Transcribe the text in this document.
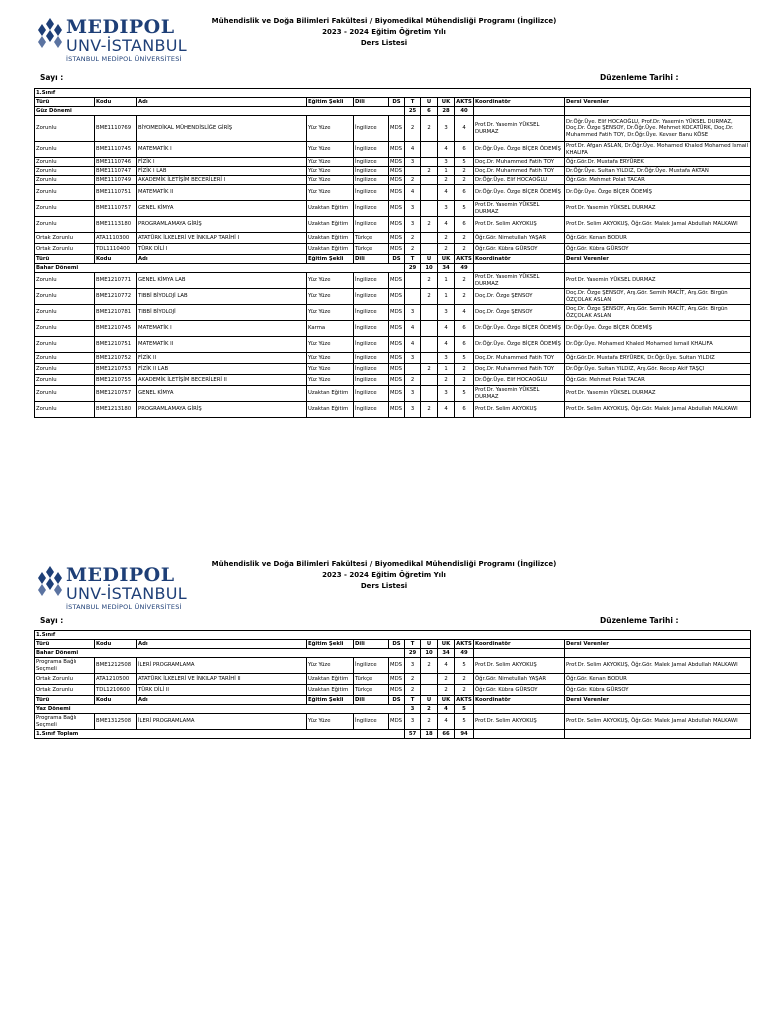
MEDIPOL
UNV-İSTANBUL
İSTANBUL MEDİPOL ÜNİVERSİTESİ
Mühendislik ve Doğa Bilimleri Fakültesi / Biyomedikal Mühendisliği Programı (İngilizce)
2023 - 2024 Eğitim Öğretim Yılı
Ders Listesi
Sayı :	Düzenleme Tarihi :
1.Sınıf											
Türü	Kodu	Adı	Eğitim Şekli	Dili	DS	T	U	UK	AKTS	Koordinatör	Dersi Verenler
Güz Dönemi						25	6	28	40		
Zorunlu	BME1110769	BİYOMEDİKAL MÜHENDİSLİĞE GİRİŞ	Yüz Yüze	İngilizce	MDS	2	2	3	4	Prof.Dr. Yasemin YÜKSEL DURMAZ	Dr.Öğr.Üye. Elif HOCAOĞLU, Prof.Dr. Yasemin YÜKSEL DURMAZ, Doç.Dr. Özge ŞENSOY, Dr.Öğr.Üye. Mehmet KOCATÜRK, Doç.Dr. Muhammed Fatih TOY, Dr.Öğr.Üye. Kevser Banu KÖSE
Zorunlu	BME1110745	MATEMATİK I	Yüz Yüze	İngilizce	MDS	4		4	6	Dr.Öğr.Üye. Özge BİÇER ÖDEMİŞ	Prof.Dr. Afgan ASLAN, Dr.Öğr.Üye. Mohamed Khaled Mohamed Ismail KHALIFA
Zorunlu	BME1110746	FİZİK I	Yüz Yüze	İngilizce	MDS	3		3	5	Doç.Dr. Muhammed Fatih TOY	Öğr.Gör.Dr. Mustafa ERYÜREK
Zorunlu	BME1110747	FİZİK I LAB	Yüz Yüze	İngilizce	MDS		2	1	2	Doç.Dr. Muhammed Fatih TOY	Dr.Öğr.Üye. Sultan YILDIZ, Dr.Öğr.Üye. Mustafa AKTAN
Zorunlu	BME1110749	AKADEMİK İLETİŞİM BECERİLERİ I	Yüz Yüze	İngilizce	MDS	2		2	2	Dr.Öğr.Üye. Elif HOCAOĞLU	Öğr.Gör. Mehmet Polat TACAR
Zorunlu	BME1110751	MATEMATİK II	Yüz Yüze	İngilizce	MDS	4		4	6	Dr.Öğr.Üye. Özge BİÇER ÖDEMİŞ	Dr.Öğr.Üye. Özge BİÇER ÖDEMİŞ
Zorunlu	BME1110757	GENEL KİMYA	Uzaktan Eğitim	İngilizce	MDS	3		3	5	Prof.Dr. Yasemin YÜKSEL DURMAZ	Prof.Dr. Yasemin YÜKSEL DURMAZ
Zorunlu	BME1113180	PROGRAMLAMAYA GİRİŞ	Uzaktan Eğitim	İngilizce	MDS	3	2	4	6	Prof.Dr. Selim AKYOKUŞ	Prof.Dr. Selim AKYOKUŞ, Öğr.Gör. Malek Jamal Abdullah MALKAWI
Ortak Zorunlu	ATA1110300	ATATÜRK İLKELERİ VE İNKILAP TARİHİ I	Uzaktan Eğitim	Türkçe	MDS	2		2	2	Öğr.Gör. Nimetullah YAŞAR	Öğr.Gör. Kenan BODUR
Ortak Zorunlu	TDL1110400	TÜRK DİLİ I	Uzaktan Eğitim	Türkçe	MDS	2		2	2	Öğr.Gör. Kübra GÜRSOY	Öğr.Gör. Kübra GÜRSOY
Türü	Kodu	Adı	Eğitim Şekli	Dili	DS	T	U	UK	AKTS	Koordinatör	Dersi Verenler
Bahar Dönemi						29	10	34	49		
Zorunlu	BME1210771	GENEL KİMYA LAB	Yüz Yüze	İngilizce	MDS		2	1	2	Prof.Dr. Yasemin YÜKSEL DURMAZ	Prof.Dr. Yasemin YÜKSEL DURMAZ
Zorunlu	BME1210772	TIBBİ BİYOLOJİ LAB	Yüz Yüze	İngilizce	MDS		2	1	2	Doç.Dr. Özge ŞENSOY	Doç.Dr. Özge ŞENSOY, Arş.Gör. Semih MACİT, Arş.Gör. Birgün ÖZÇOLAK ASLAN
Zorunlu	BME1210781	TIBBİ BİYOLOJİ	Yüz Yüze	İngilizce	MDS	3		3	4	Doç.Dr. Özge ŞENSOY	Doç.Dr. Özge ŞENSOY, Arş.Gör. Semih MACİT, Arş.Gör. Birgün ÖZÇOLAK ASLAN
Zorunlu	BME1210745	MATEMATİK I	Karma	İngilizce	MDS	4		4	6	Dr.Öğr.Üye. Özge BİÇER ÖDEMİŞ	Dr.Öğr.Üye. Özge BİÇER ÖDEMİŞ
Zorunlu	BME1210751	MATEMATİK II	Yüz Yüze	İngilizce	MDS	4		4	6	Dr.Öğr.Üye. Özge BİÇER ÖDEMİŞ	Dr.Öğr.Üye. Mohamed Khaled Mohamed Ismail KHALIFA
Zorunlu	BME1210752	FİZİK II	Yüz Yüze	İngilizce	MDS	3		3	5	Doç.Dr. Muhammed Fatih TOY	Öğr.Gör.Dr. Mustafa ERYÜREK, Dr.Öğr.Üye. Sultan YILDIZ
Zorunlu	BME1210753	FİZİK II LAB	Yüz Yüze	İngilizce	MDS		2	1	2	Doç.Dr. Muhammed Fatih TOY	Dr.Öğr.Üye. Sultan YILDIZ, Arş.Gör. Recep Akif TAŞÇI
Zorunlu	BME1210755	AKADEMİK İLETİŞİM BECERİLERİ II	Yüz Yüze	İngilizce	MDS	2		2	2	Dr.Öğr.Üye. Elif HOCAOĞLU	Öğr.Gör. Mehmet Polat TACAR
Zorunlu	BME1210757	GENEL KİMYA	Uzaktan Eğitim	İngilizce	MDS	3		3	5	Prof.Dr. Yasemin YÜKSEL DURMAZ	Prof.Dr. Yasemin YÜKSEL DURMAZ
Zorunlu	BME1213180	PROGRAMLAMAYA GİRİŞ	Uzaktan Eğitim	İngilizce	MDS	3	2	4	6	Prof.Dr. Selim AKYOKUŞ	Prof.Dr. Selim AKYOKUŞ, Öğr.Gör. Malek Jamal Abdullah MALKAWI
MEDIPOL
UNV-İSTANBUL
İSTANBUL MEDİPOL ÜNİVERSİTESİ
Mühendislik ve Doğa Bilimleri Fakültesi / Biyomedikal Mühendisliği Programı (İngilizce)
2023 - 2024 Eğitim Öğretim Yılı
Ders Listesi
Sayı :	Düzenleme Tarihi :
1.Sınıf											
Türü	Kodu	Adı	Eğitim Şekli	Dili	DS	T	U	UK	AKTS	Koordinatör	Dersi Verenler
Bahar Dönemi						29	10	34	49		
Programa Bağlı Seçmeli	BME1212508	İLERİ PROGRAMLAMA	Yüz Yüze	İngilizce	MDS	3	2	4	5	Prof.Dr. Selim AKYOKUŞ	Prof.Dr. Selim AKYOKUŞ, Öğr.Gör. Malek Jamal Abdullah MALKAWI
Ortak Zorunlu	ATA1210500	ATATÜRK İLKELERİ VE İNKILAP TARİHİ II	Uzaktan Eğitim	Türkçe	MDS	2		2	2	Öğr.Gör. Nimetullah YAŞAR	Öğr.Gör. Kenan BODUR
Ortak Zorunlu	TDL1210600	TÜRK DİLİ II	Uzaktan Eğitim	Türkçe	MDS	2		2	2	Öğr.Gör. Kübra GÜRSOY	Öğr.Gör. Kübra GÜRSOY
Türü	Kodu	Adı	Eğitim Şekli	Dili	DS	T	U	UK	AKTS	Koordinatör	Dersi Verenler
Yaz Dönemi						3	2	4	5		
Programa Bağlı Seçmeli	BME1312508	İLERİ PROGRAMLAMA	Yüz Yüze	İngilizce	MDS	3	2	4	5	Prof.Dr. Selim AKYOKUŞ	Prof.Dr. Selim AKYOKUŞ, Öğr.Gör. Malek Jamal Abdullah MALKAWI
1.Sınıf Toplam						57	18	66	94		
